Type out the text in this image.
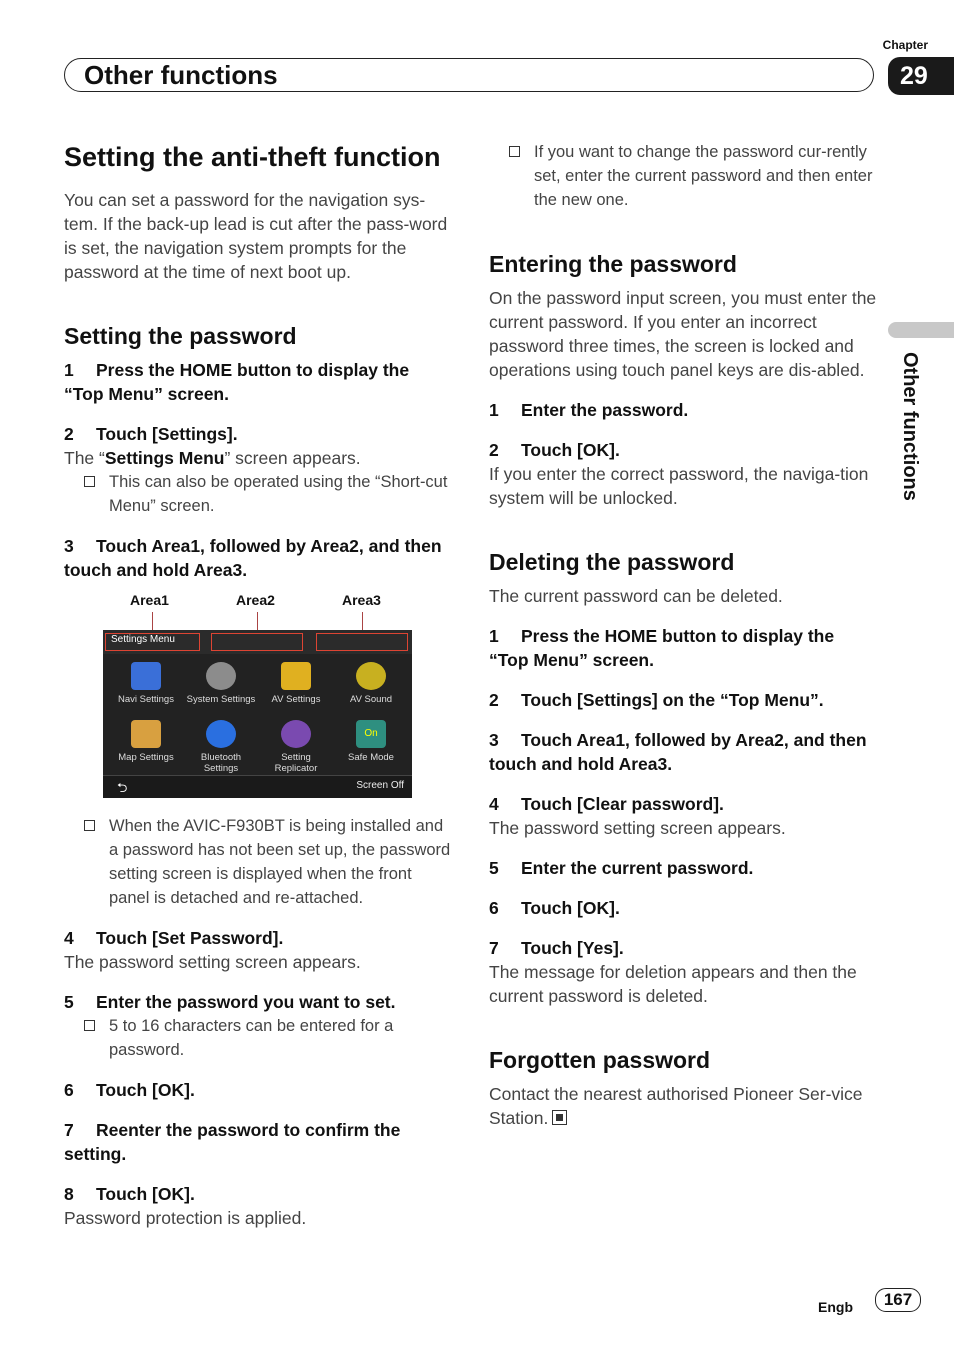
Chapter
Other functions	29
Other functions
Setting the anti-theft function

You can set a password for the navigation sys-tem. If the back-up lead is cut after the pass-word is set, the navigation system prompts for the password at the time of next boot up.

Setting the password
1 Press the HOME button to display the “Top Menu” screen.
2 Touch [Settings].

The “Settings Menu” screen appears.

This can also be operated using the “Short-cut Menu” screen.
3 Touch Area1, followed by Area2, and then touch and hold Area3.
Area1	Area2	Area3
Settings Menu
Navi Settings	System Settings	AV Settings	AV Sound
Map Settings	Bluetooth Settings
Setting Replicator
On
Safe Mode
⮌	Screen Off
When the AVIC-F930BT is being installed and a password has not been set up, the password setting screen is displayed when the front panel is detached and re-attached.
4 Touch [Set Password].

The password setting screen appears.

5 Enter the password you want to set.
5 to 16 characters can be entered for a password.
6 Touch [OK].
7 Reenter the password to confirm the setting.
8 Touch [OK].

Password protection is applied.

If you want to change the password cur-rently set, enter the current password and then enter the new one.
Entering the password

On the password input screen, you must enter the current password. If you enter an incorrect password three times, the screen is locked and operations using touch panel keys are dis-abled.

1 Enter the password.
2 Touch [OK].

If you enter the correct password, the naviga-tion system will be unlocked.

Deleting the password

The current password can be deleted.

1 Press the HOME button to display the “Top Menu” screen.
2 Touch [Settings] on the “Top Menu”.
3 Touch Area1, followed by Area2, and then touch and hold Area3.
4 Touch [Clear password].

The password setting screen appears.

5 Enter the current password.
6 Touch [OK].
7 Touch [Yes].

The message for deletion appears and then the current password is deleted.

Forgotten password

Contact the nearest authorised Pioneer Ser-vice Station.

Engb	167
